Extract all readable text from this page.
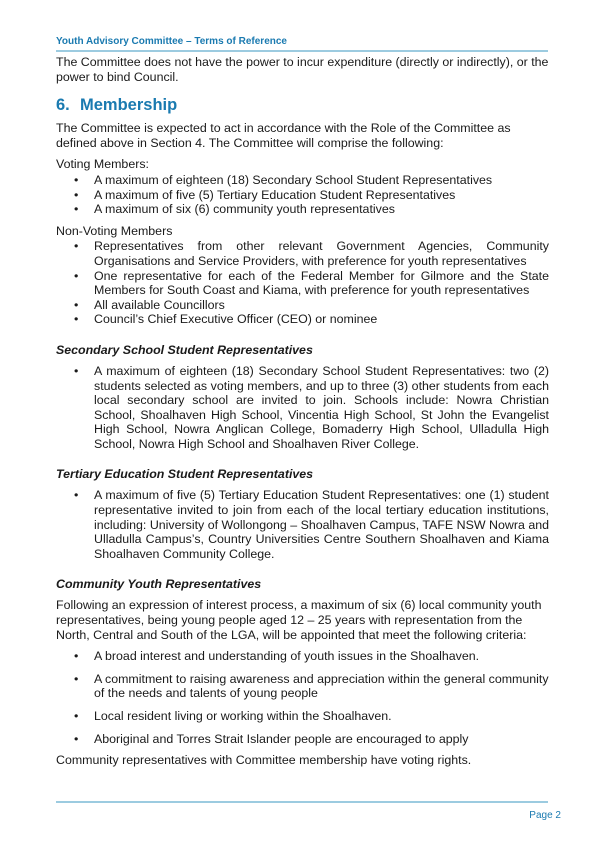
Youth Advisory Committee – Terms of Reference

The Committee does not have the power to incur expenditure (directly or indirectly), or the power to bind Council.

6. Membership

The Committee is expected to act in accordance with the Role of the Committee as defined above in Section 4. The Committee will comprise the following:

Voting Members:

• A maximum of eighteen (18) Secondary School Student Representatives
• A maximum of five (5) Tertiary Education Student Representatives
• A maximum of six (6) community youth representatives

Non-Voting Members

• Representatives from other relevant Government Agencies, Community Organisations and Service Providers, with preference for youth representatives
• One representative for each of the Federal Member for Gilmore and the State Members for South Coast and Kiama, with preference for youth representatives
• All available Councillors
• Council’s Chief Executive Officer (CEO) or nominee
Secondary School Student Representatives
• A maximum of eighteen (18) Secondary School Student Representatives: two (2) students selected as voting members, and up to three (3) other students from each local secondary school are invited to join. Schools include: Nowra Christian School, Shoalhaven High School, Vincentia High School, St John the Evangelist High School, Nowra Anglican College, Bomaderry High School, Ulladulla High School, Nowra High School and Shoalhaven River College.
Tertiary Education Student Representatives
• A maximum of five (5) Tertiary Education Student Representatives: one (1) student representative invited to join from each of the local tertiary education institutions, including: University of Wollongong – Shoalhaven Campus, TAFE NSW Nowra and Ulladulla Campus’s, Country Universities Centre Southern Shoalhaven and Kiama Shoalhaven Community College.
Community Youth Representatives

Following an expression of interest process, a maximum of six (6) local community youth representatives, being young people aged 12 – 25 years with representation from the North, Central and South of the LGA, will be appointed that meet the following criteria:

• A broad interest and understanding of youth issues in the Shoalhaven.
• A commitment to raising awareness and appreciation within the general community of the needs and talents of young people
• Local resident living or working within the Shoalhaven.
• Aboriginal and Torres Strait Islander people are encouraged to apply

Community representatives with Committee membership have voting rights.

Page 2
